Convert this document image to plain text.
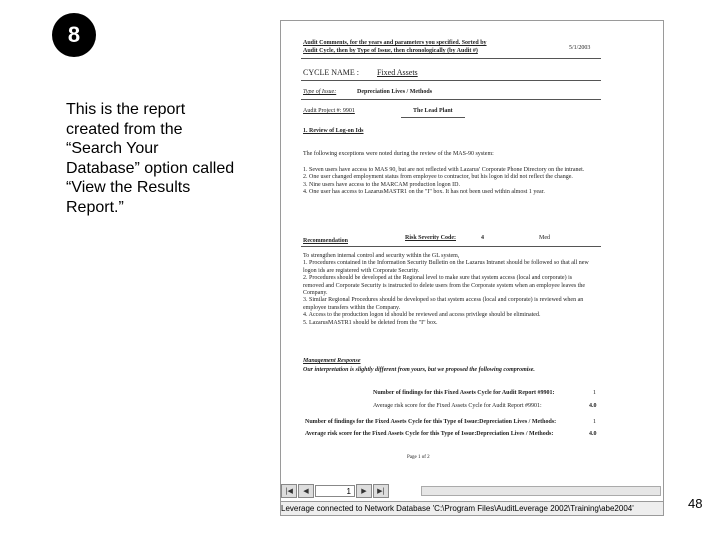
8
This is the report created from the “Search Your Database” option called “View the Results Report.”
48
Audit Comments, for the years and parameters you specified. Sorted by
Audit Cycle, then by Type of Issue, then chronologically (by Audit #)	5/1/2003
CYCLE NAME : Fixed Assets
Type of Issue:	Depreciation Lives / Methods
Audit Project #: 9901	The Lead Plant
1. Review of Log-on Ids
The following exceptions were noted during the review of the MAS-90 system:
1. Seven users have access to MAS 90, but are not reflected with Lazarus' Corporate Phone Directory on the intranet.
2. One user changed employment status from employee to contractor, but his logon id did not reflect the change.
3. Nine users have access to the MARCAM production logon ID.
4. One user has access to LazarusMASTR1 on the "I" box. It has not been used within almost 1 year.
Recommendation	Risk Severity Code:	4	Med
To strengthen internal control and security within the GL system,
1. Procedures contained in the Information Security Bulletin on the Lazarus Intranet should be followed so that all new logon ids are registered with Corporate Security.
2. Procedures should be developed at the Regional level to make sure that system access (local and corporate) is removed and Corporate Security is instructed to delete users from the Corporate system when an employee leaves the Company.
3. Similar Regional Procedures should be developed so that system access (local and corporate) is reviewed when an employee transfers within the Company.
4. Access to the production logon id should be reviewed and access privilege should be eliminated.
5. LazarusMASTR1 should be deleted from the "I" box.
Management Response
Our interpretation is slightly different from yours, but we proposed the following compromise.
Number of findings for this Fixed Assets Cycle for Audit Report #9901:	1
Average risk score for the Fixed Assets Cycle for Audit Report #9901:	4.0
Number of findings for the Fixed Assets Cycle for this Type of Issue:Depreciation Lives / Methods:	1
Average risk score for the Fixed Assets Cycle for this Type of Issue:Depreciation Lives / Methods:	4.0
Page 1 of 2
|◀	◀	1	▶	▶|
Leverage connected to Network Database 'C:\Program Files\AuditLeverage 2002\Training\abe2004'
